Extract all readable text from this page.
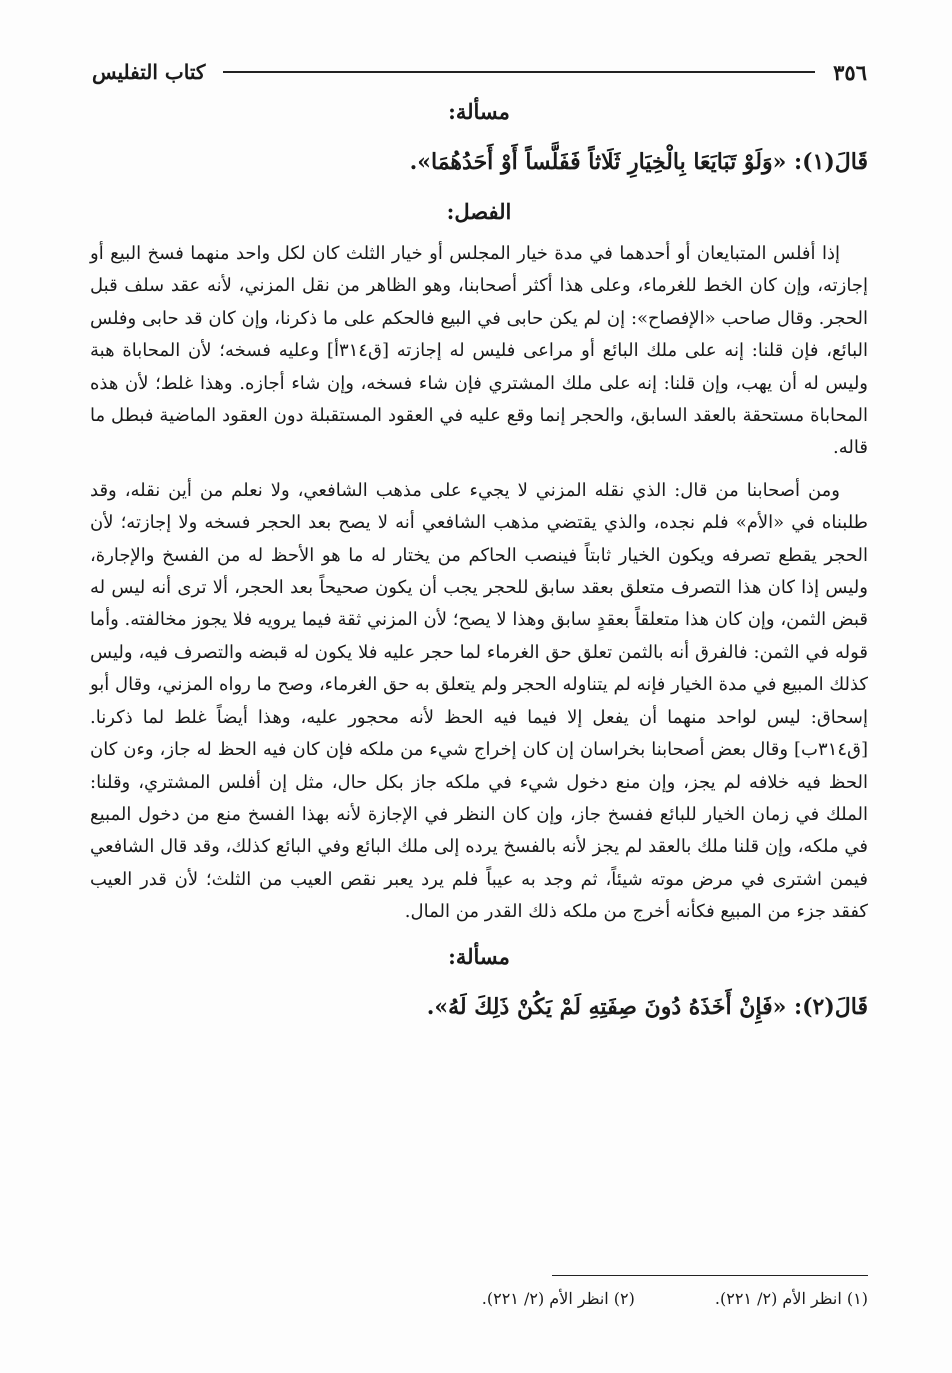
٣٥٦
كتاب التفليس

مسألة:

قَالَ(١): «وَلَوْ تَبَايَعَا بِالْخِيَارِ ثَلَاثاً فَفَلَّساً أَوْ أَحَدُهُمَا».

الفصل:

إذا أفلس المتبايعان أو أحدهما في مدة خيار المجلس أو خيار الثلث كان لكل واحد منهما فسخ البيع أو إجازته، وإن كان الخط للغرماء، وعلى هذا أكثر أصحابنا، وهو الظاهر من نقل المزني، لأنه عقد سلف قبل الحجر. وقال صاحب «الإفصاح»: إن لم يكن حابى في البيع فالحكم على ما ذكرنا، وإن كان قد حابى وفلس البائع، فإن قلنا: إنه على ملك البائع أو مراعى فليس له إجازته [ق٣١٤أ] وعليه فسخه؛ لأن المحاباة هبة وليس له أن يهب، وإن قلنا: إنه على ملك المشتري فإن شاء فسخه، وإن شاء أجازه. وهذا غلط؛ لأن هذه المحاباة مستحقة بالعقد السابق، والحجر إنما وقع عليه في العقود المستقبلة دون العقود الماضية فبطل ما قاله.

ومن أصحابنا من قال: الذي نقله المزني لا يجيء على مذهب الشافعي، ولا نعلم من أين نقله، وقد طلبناه في «الأم» فلم نجده، والذي يقتضي مذهب الشافعي أنه لا يصح بعد الحجر فسخه ولا إجازته؛ لأن الحجر يقطع تصرفه ويكون الخيار ثابتاً فينصب الحاكم من يختار له ما هو الأحظ له من الفسخ والإجارة، وليس إذا كان هذا التصرف متعلق بعقد سابق للحجر يجب أن يكون صحيحاً بعد الحجر، ألا ترى أنه ليس له قبض الثمن، وإن كان هذا متعلقاً بعقدٍ سابق وهذا لا يصح؛ لأن المزني ثقة فيما يرويه فلا يجوز مخالفته. وأما قوله في الثمن: فالفرق أنه بالثمن تعلق حق الغرماء لما حجر عليه فلا يكون له قبضه والتصرف فيه، وليس كذلك المبيع في مدة الخيار فإنه لم يتناوله الحجر ولم يتعلق به حق الغرماء، وصح ما رواه المزني، وقال أبو إسحاق: ليس لواحد منهما أن يفعل إلا فيما فيه الحظ لأنه محجور عليه، وهذا أيضاً غلط لما ذكرنا. [ق٣١٤ب] وقال بعض أصحابنا بخراسان إن كان إخراج شيء من ملكه فإن كان فيه الحظ له جاز، وءن كان الحظ فيه خلافه لم يجز، وإن منع دخول شيء في ملكه جاز بكل حال، مثل إن أفلس المشتري، وقلنا: الملك في زمان الخيار للبائع ففسخ جاز، وإن كان النظر في الإجازة لأنه بهذا الفسخ منع من دخول المبيع في ملكه، وإن قلنا ملك بالعقد لم يجز لأنه بالفسخ يرده إلى ملك البائع وفي البائع كذلك، وقد قال الشافعي فيمن اشترى في مرض موته شيئاً، ثم وجد به عيباً فلم يرد يعبر نقص العيب من الثلث؛ لأن قدر العيب كفقد جزء من المبيع فكأنه أخرج من ملكه ذلك القدر من المال.

مسألة:

قَالَ(٢): «فَإِنْ أَخَذَهُ دُونَ صِفَتِهِ لَمْ يَكُنْ ذَلِكَ لَهُ».

(١) انظر الأم (٢/ ٢٢١).
(٢) انظر الأم (٢/ ٢٢١).
